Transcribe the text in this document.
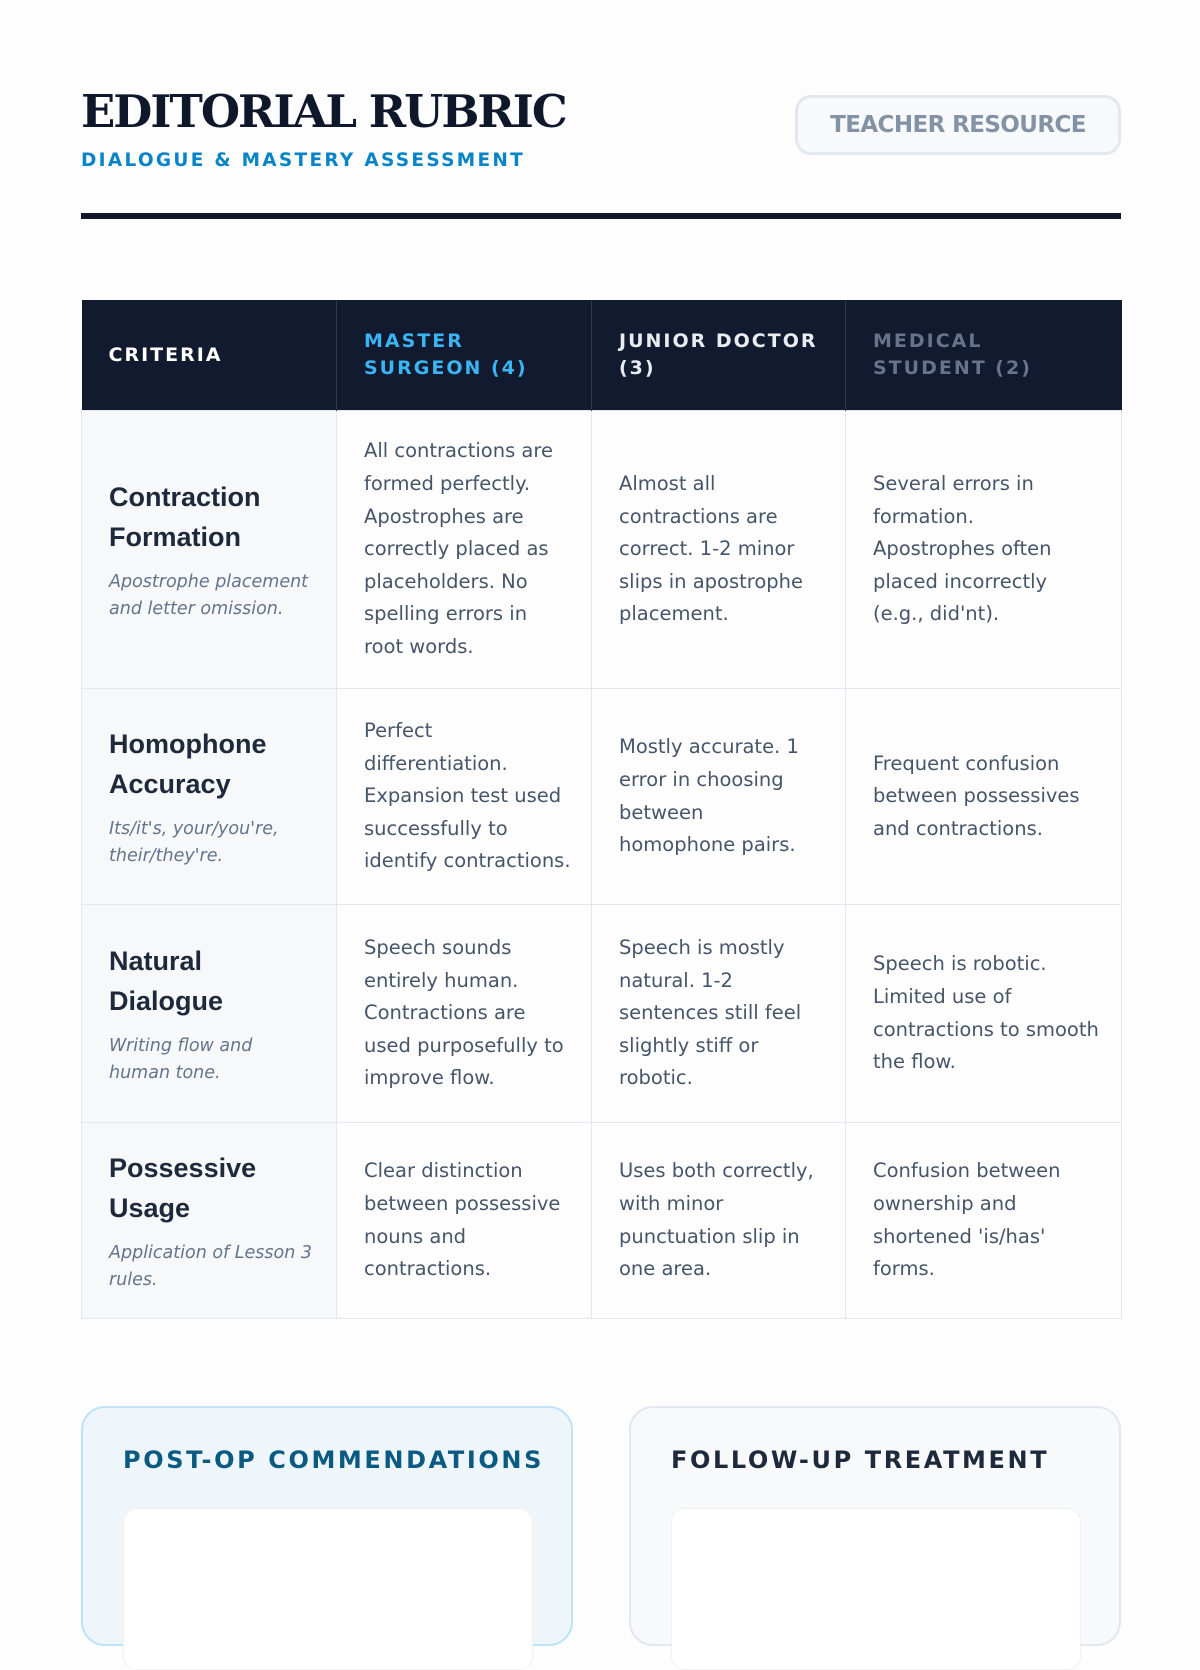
EDITORIAL RUBRIC
DIALOGUE & MASTERY ASSESSMENT
TEACHER RESOURCE
CRITERIA	MASTER SURGEON (4)	JUNIOR DOCTOR (3)	MEDICAL STUDENT (2)

Contraction Formation
Apostrophe placement and letter omission.	All contractions are formed perfectly. Apostrophes are correctly placed as placeholders. No spelling errors in root words.	Almost all contractions are correct. 1-2 minor slips in apostrophe placement.	Several errors in formation. Apostrophes often placed incorrectly (e.g., did'nt).

Homophone Accuracy
Its/it's, your/you're, their/they're.	Perfect differentiation. Expansion test used successfully to identify contractions.	Mostly accurate. 1 error in choosing between homophone pairs.	Frequent confusion between possessives and contractions.

Natural Dialogue
Writing flow and human tone.	Speech sounds entirely human. Contractions are used purposefully to improve flow.	Speech is mostly natural. 1-2 sentences still feel slightly stiff or robotic.	Speech is robotic. Limited use of contractions to smooth the flow.

Possessive Usage
Application of Lesson 3 rules.	Clear distinction between possessive nouns and contractions.	Uses both correctly, with minor punctuation slip in one area.	Confusion between ownership and shortened 'is/has' forms.
POST-OP COMMENDATIONS	FOLLOW-UP TREATMENT
